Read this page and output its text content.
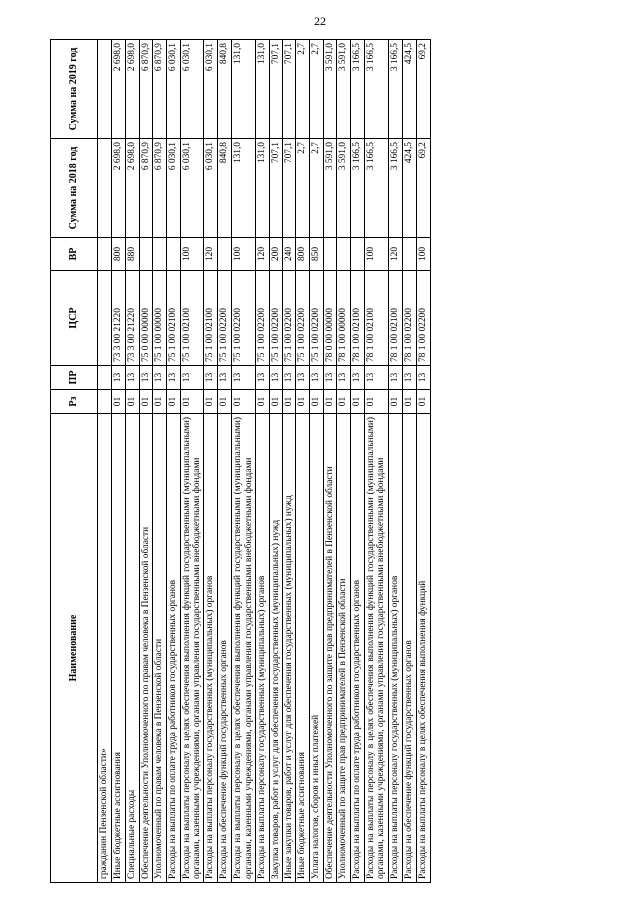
22
Наименование	Рз	ПР	ЦСР	ВР	Сумма на 2018 год	Сумма на 2019 год
гражданин Пензенской области»						
Иные бюджетные ассигнования	01	13	73 3 00 21220	800	2 698,0	2 698,0
Специальные расходы	01	13	73 3 00 21220	880	2 698,0	2 698,0
Обеспечение деятельности Уполномоченного по правам человека в Пензенской области	01	13	75 0 00 00000		6 870,9	6 870,9
Уполномоченный по правам человека в Пензенской области	01	13	75 1 00 00000		6 870,9	6 870,9
Расходы на выплаты по оплате труда работников государственных органов	01	13	75 1 00 02100		6 030,1	6 030,1
Расходы на выплаты персоналу в целях обеспечения выполнения функций государственными (муниципальными) органами, казенными учреждениями, органами управления государственными внебюджетными фондами	01	13	75 1 00 02100	100	6 030,1	6 030,1
Расходы на выплаты персоналу государственных (муниципальных) органов	01	13	75 1 00 02100	120	6 030,1	6 030,1
Расходы на обеспечение функций государственных органов	01	13	75 1 00 02200		840,8	840,8
Расходы на выплаты персоналу в целях обеспечения выполнения функций государственными (муниципальными) органами, казенными учреждениями, органами управления государственными внебюджетными фондами	01	13	75 1 00 02200	100	131,0	131,0
Расходы на выплаты персоналу государственных (муниципальных) органов	01	13	75 1 00 02200	120	131,0	131,0
Закупка товаров, работ и услуг для обеспечения государственных (муниципальных) нужд	01	13	75 1 00 02200	200	707,1	707,1
Иные закупки товаров, работ и услуг для обеспечения государственных (муниципальных) нужд	01	13	75 1 00 02200	240	707,1	707,1
Иные бюджетные ассигнования	01	13	75 1 00 02200	800	2,7	2,7
Уплата налогов, сборов и иных платежей	01	13	75 1 00 02200	850	2,7	2,7
Обеспечение деятельности Уполномоченного по защите прав предпринимателей в Пензенской области	01	13	78 0 00 00000		3 591,0	3 591,0
Уполномоченный по защите прав предпринимателей в Пензенской области	01	13	78 1 00 00000		3 591,0	3 591,0
Расходы на выплаты по оплате труда работников государственных органов	01	13	78 1 00 02100		3 166,5	3 166,5
Расходы на выплаты персоналу в целях обеспечения выполнения функций государственными (муниципальными) органами, казенными учреждениями, органами управления государственными внебюджетными фондами	01	13	78 1 00 02100	100	3 166,5	3 166,5
Расходы на выплаты персоналу государственных (муниципальных) органов	01	13	78 1 00 02100	120	3 166,5	3 166,5
Расходы на обеспечение функций государственных органов	01	13	78 1 00 02200		424,5	424,5
Расходы на выплаты персоналу в целях обеспечения выполнения функций	01	13	78 1 00 02200	100	69,2	69,2
